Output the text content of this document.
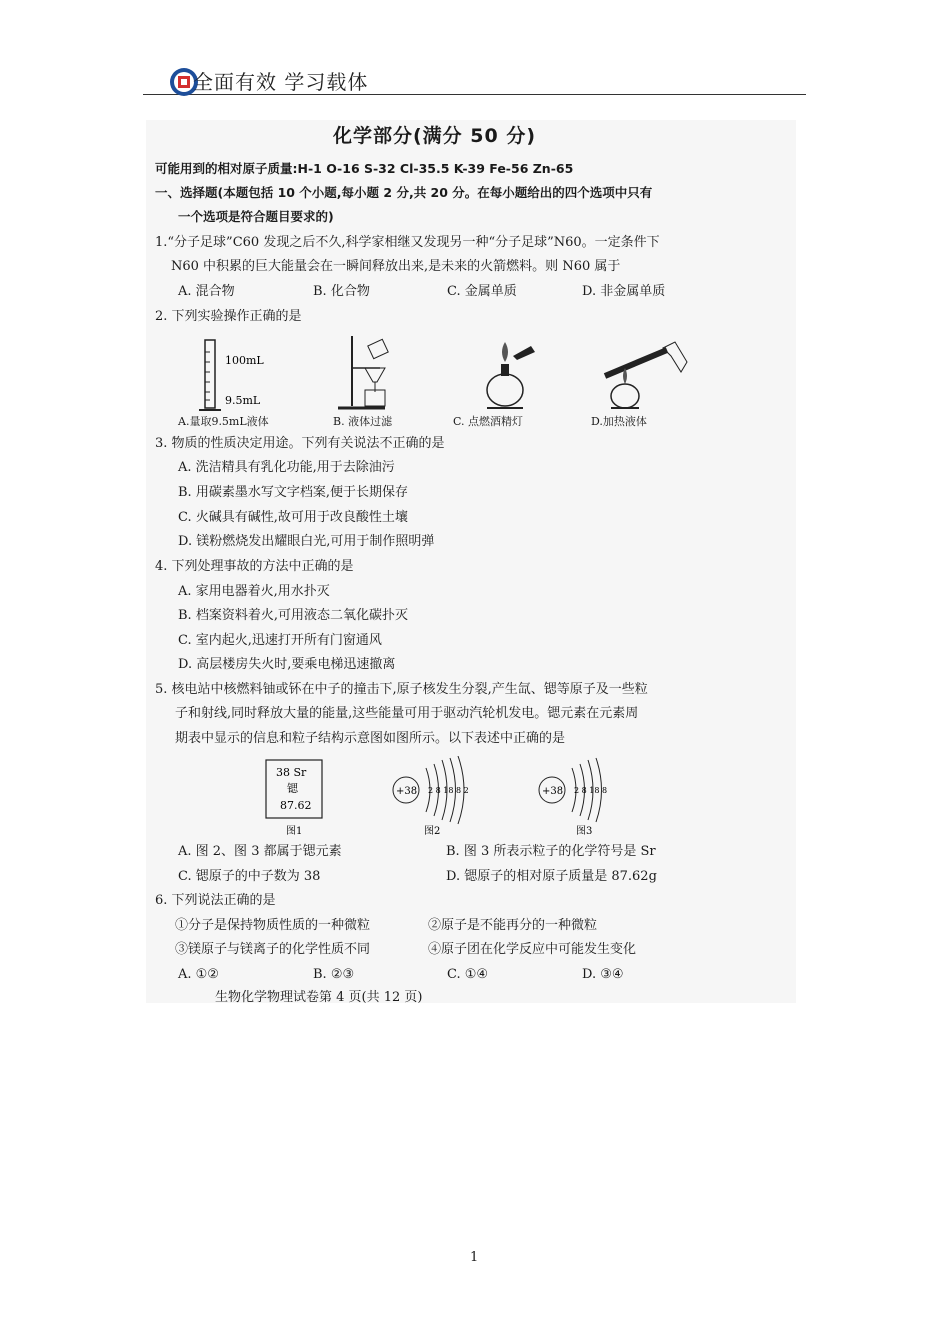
全面有效 学习载体
化学部分(满分 50 分)
可能用到的相对原子质量:H-1 O-16 S-32 Cl-35.5 K-39 Fe-56 Zn-65
一、选择题(本题包括 10 个小题,每小题 2 分,共 20 分。在每小题给出的四个选项中只有
一个选项是符合题目要求的)
1.“分子足球”C60 发现之后不久,科学家相继又发现另一种“分子足球”N60。一定条件下
N60 中积累的巨大能量会在一瞬间释放出来,是未来的火箭燃料。则 N60 属于
A. 混合物	B. 化合物	C. 金属单质	D. 非金属单质
2. 下列实验操作正确的是
100mL
9.5mL
A.量取9.5mL液体	B. 液体过滤	C. 点燃酒精灯	D.加热液体
3. 物质的性质决定用途。下列有关说法不正确的是
A. 洗洁精具有乳化功能,用于去除油污
B. 用碳素墨水写文字档案,便于长期保存
C. 火碱具有碱性,故可用于改良酸性土壤
D. 镁粉燃烧发出耀眼白光,可用于制作照明弹
4. 下列处理事故的方法中正确的是
A. 家用电器着火,用水扑灭
B. 档案资料着火,可用液态二氧化碳扑灭
C. 室内起火,迅速打开所有门窗通风
D. 高层楼房失火时,要乘电梯迅速撤离
5. 核电站中核燃料铀或钚在中子的撞击下,原子核发生分裂,产生氙、锶等原子及一些粒
子和射线,同时释放大量的能量,这些能量可用于驱动汽轮机发电。锶元素在元素周
期表中显示的信息和粒子结构示意图如图所示。以下表述中正确的是
38 Sr
锶
87.62
+38 2 8 18 8 2	+38 2 8 18 8
图1	图2	图3
A. 图 2、图 3 都属于锶元素	B. 图 3 所表示粒子的化学符号是 Sr
C. 锶原子的中子数为 38	D. 锶原子的相对原子质量是 87.62g
6. 下列说法正确的是
①分子是保持物质性质的一种微粒	②原子是不能再分的一种微粒
③镁原子与镁离子的化学性质不同	④原子团在化学反应中可能发生变化
A. ①②	B. ②③	C. ①④	D. ③④
生物化学物理试卷第 4 页(共 12 页)
1
